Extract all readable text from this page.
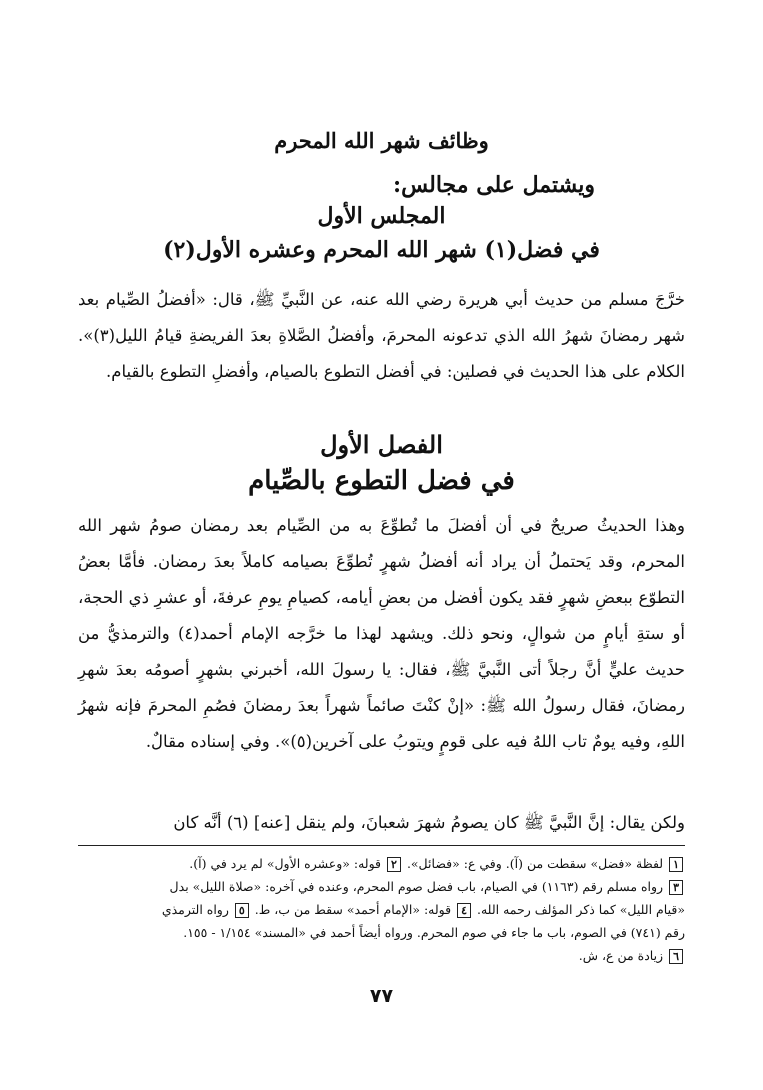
وظائف شهر الله المحرم
ويشتمل على مجالس:
المجلس الأول
في فضل(١) شهر الله المحرم وعشره الأول(٢)
خرَّجَ مسلم من حديث أبي هريرة رضي الله عنه، عن النَّبيِّ ﷺ، قال: «أفضلُ الصِّيام بعد شهر رمضانَ شهرُ الله الذي تدعونه المحرمَ، وأفضلُ الصَّلاةِ بعدَ الفريضةِ قيامُ الليل(٣)». الكلام على هذا الحديث في فصلين: في أفضل التطوع بالصيام، وأفضلِ التطوع بالقيام.
الفصل الأول
في فضل التطوع بالصِّيام
وهذا الحديثُ صريحٌ في أن أفضلَ ما تُطوِّعَ به من الصِّيام بعد رمضان صومُ شهر الله المحرم، وقد يَحتملُ أن يراد أنه أفضلُ شهرٍ تُطوِّعَ بصيامه كاملاً بعدَ رمضان. فأمَّا بعضُ التطوّع ببعضِ شهرٍ فقد يكون أفضل من بعضِ أيامه، كصيامِ يومِ عرفةَ، أو عشرِ ذي الحجة، أو ستةِ أيامٍ من شوالٍ، ونحو ذلك. ويشهد لهذا ما خرَّجه الإمام أحمد(٤) والترمذيُّ من حديث عليٍّ أنَّ رجلاً أتى النَّبيَّ ﷺ، فقال: يا رسولَ الله، أخبرني بشهرٍ أصومُه بعدَ شهرِ رمضانَ، فقال رسولُ الله ﷺ: «إنْ كنْتَ صائماً شهراً بعدَ رمضانَ فصُمِ المحرمَ فإنه شهرُ اللهِ، وفيه يومٌ تاب اللهُ فيه على قومٍ ويتوبُ على آخرين(٥)». وفي إسناده مقالٌ.
ولكن يقال: إنَّ النَّبيَّ ﷺ كان يصومُ شهرَ شعبانَ، ولم ينقل [عنه] (٦) أنَّه كان
١ لفظة «فضل» سقطت من (آ). وفي ع: «فضائل». ٢ قوله: «وعشره الأول» لم يرد في (آ).
٣ رواه مسلم رقم (١١٦٣) في الصيام، باب فضل صوم المحرم، وعنده في آخره: «صلاة الليل» بدل
«قيام الليل» كما ذكر المؤلف رحمه الله. ٤ قوله: «الإمام أحمد» سقط من ب، ط. ٥ رواه الترمذي
رقم (٧٤١) في الصوم، باب ما جاء في صوم المحرم. ورواه أيضاً أحمد في «المسند» ١/١٥٤ - ١٥٥.
٦ زيادة من ع، ش.
٧٧
